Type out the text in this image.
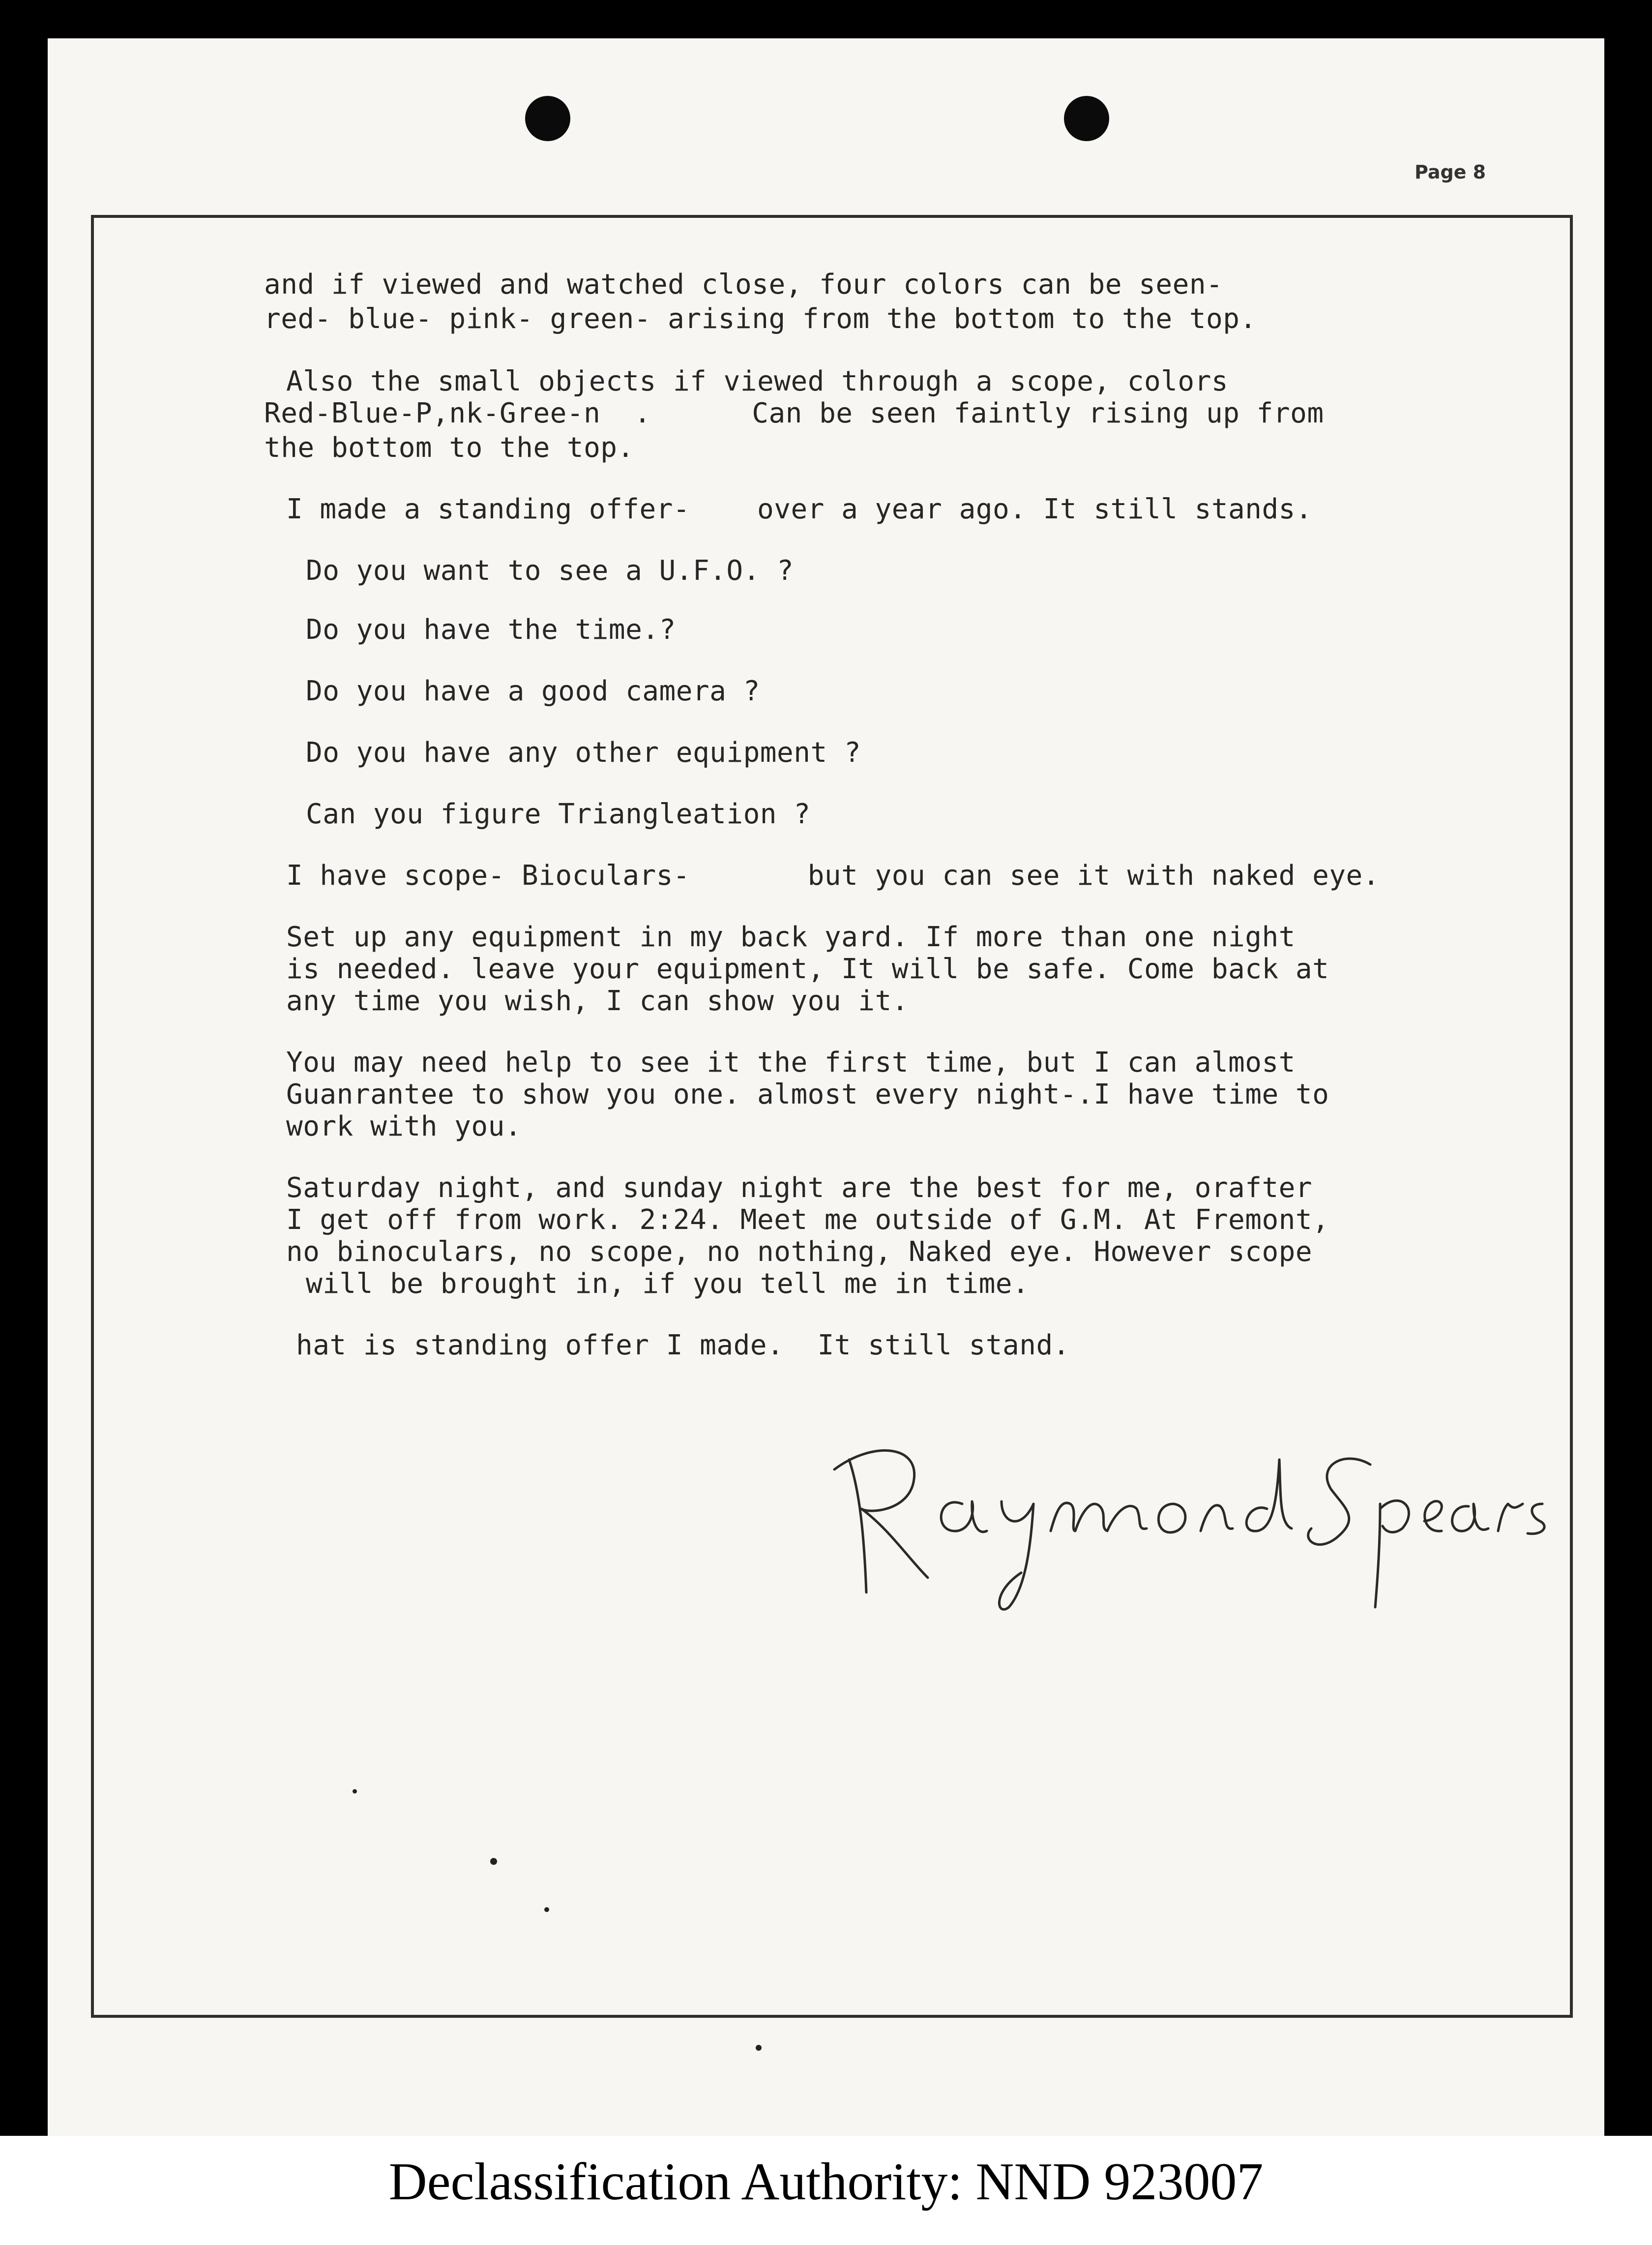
Page 8
and if viewed and watched close, four colors can be seen-
red- blue- pink- green- arising from the bottom to the top.
Also the small objects if viewed through a scope, colors
Red-Blue-P,nk-Gree-n  .      Can be seen faintly rising up from
the bottom to the top.
I made a standing offer-    over a year ago. It still stands.
Do you want to see a U.F.O. ?
Do you have the time.?
Do you have a good camera ?
Do you have any other equipment ?
Can you figure Triangleation ?
I have scope- Bioculars-       but you can see it with naked eye.
Set up any equipment in my back yard. If more than one night
is needed. leave your equipment, It will be safe. Come back at
any time you wish, I can show you it.
You may need help to see it the first time, but I can almost
Guanrantee to show you one. almost every night-.I have time to
work with you.
Saturday night, and sunday night are the best for me, orafter
I get off from work. 2:24. Meet me outside of G.M. At Fremont,
no binoculars, no scope, no nothing, Naked eye. However scope
will be brought in, if you tell me in time.
hat is standing offer I made.  It still stand.
Declassification Authority: NND 923007
